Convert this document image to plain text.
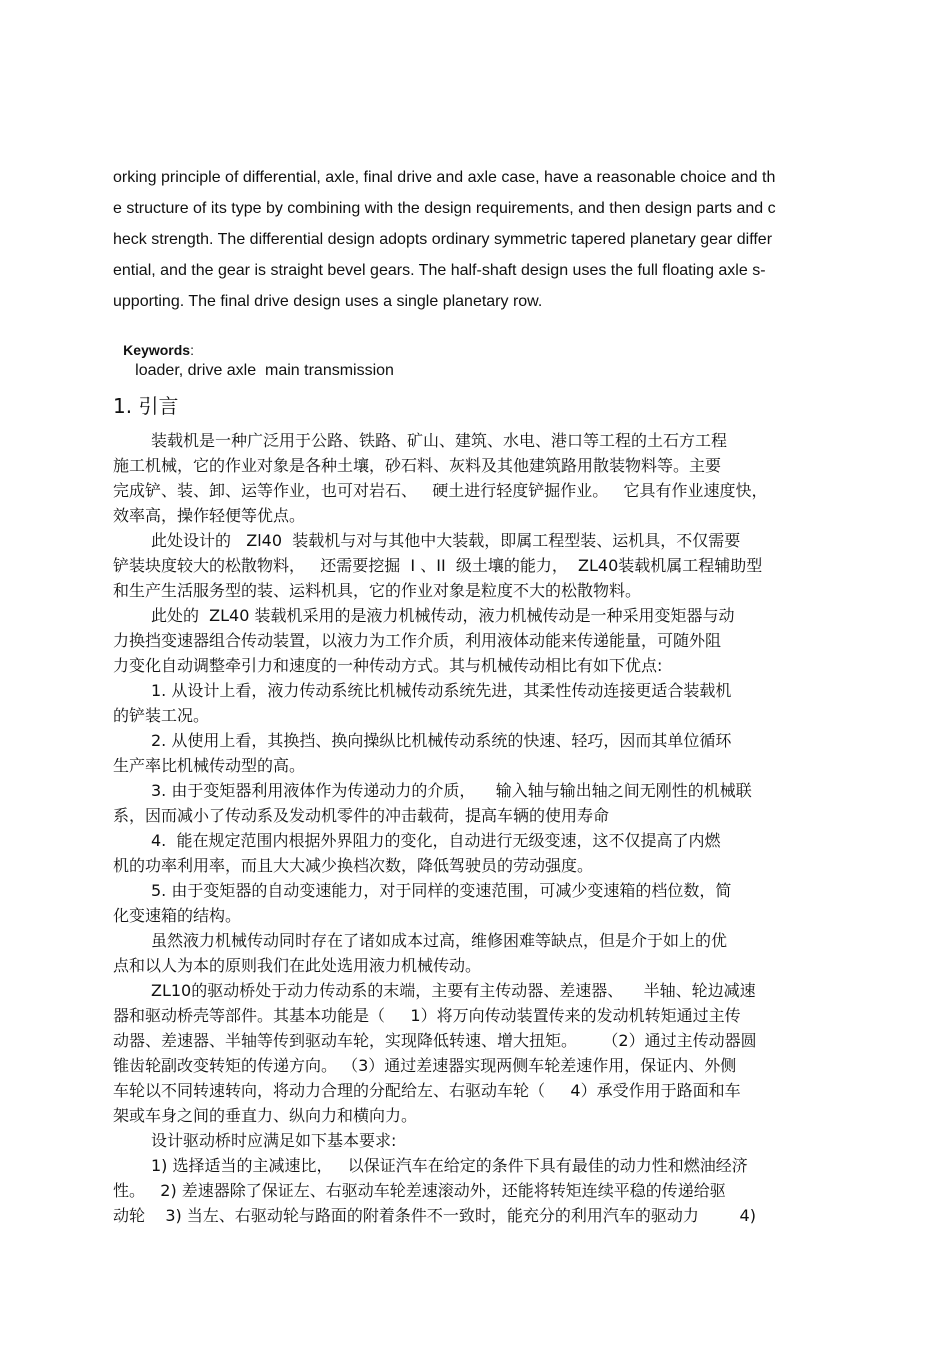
orking principle of differential, axle, final drive and axle case, have a reasonable choice and th
e structure of its type by combining with the design requirements, and then design parts and c
heck strength. The differential design adopts ordinary symmetric tapered planetary gear differ
ential, and the gear is straight bevel gears. The half-shaft design uses the full floating axle s-
upporting. The final drive design uses a single planetary row.

Keywords:
loader, drive axle  main transmission

1. 引言
装载机是一种广泛用于公路、铁路、矿山、建筑、水电、港口等工程的土石方工程
施工机械，它的作业对象是各种土壤，砂石料、灰料及其他建筑路用散装物料等。主要
完成铲、装、卸、运等作业，也可对岩石、   硬土进行轻度铲掘作业。   它具有作业速度快，
效率高，操作轻便等优点。
此处设计的   Zl40  装载机与对与其他中大装载，即属工程型装、运机具，不仅需要
铲装块度较大的松散物料，   还需要挖掘  I 、II  级土壤的能力，  ZL40装载机属工程辅助型
和生产生活服务型的装、运料机具，它的作业对象是粒度不大的松散物料。
此处的  ZL40 装载机采用的是液力机械传动，液力机械传动是一种采用变矩器与动
力换挡变速器组合传动装置，以液力为工作介质，利用液体动能来传递能量，可随外阻
力变化自动调整牵引力和速度的一种传动方式。其与机械传动相比有如下优点:
1. 从设计上看，液力传动系统比机械传动系统先进，其柔性传动连接更适合装载机
的铲装工况。
2. 从使用上看，其换挡、换向操纵比机械传动系统的快速、轻巧，因而其单位循环
生产率比机械传动型的高。
3. 由于变矩器利用液体作为传递动力的介质，    输入轴与输出轴之间无刚性的机械联
系，因而减小了传动系及发动机零件的冲击载荷，提高车辆的使用寿命
4.  能在规定范围内根据外界阻力的变化，自动进行无级变速，这不仅提高了内燃
机的功率利用率，而且大大减少换档次数，降低驾驶员的劳动强度。
5. 由于变矩器的自动变速能力，对于同样的变速范围，可减少变速箱的档位数，简
化变速箱的结构。
虽然液力机械传动同时存在了诸如成本过高，维修困难等缺点，但是介于如上的优
点和以人为本的原则我们在此处选用液力机械传动。
ZL10的驱动桥处于动力传动系的末端，主要有主传动器、差速器、    半轴、轮边减速
器和驱动桥壳等部件。其基本功能是（     1）将万向传动装置传来的发动机转矩通过主传
动器、差速器、半轴等传到驱动车轮，实现降低转速、增大扭矩。     （2）通过主传动器圆
锥齿轮副改变转矩的传递方向。 （3）通过差速器实现两侧车轮差速作用，保证内、外侧
车轮以不同转速转向，将动力合理的分配给左、右驱动车轮（     4）承受作用于路面和车
架或车身之间的垂直力、纵向力和横向力。
设计驱动桥时应满足如下基本要求:
1) 选择适当的主减速比，   以保证汽车在给定的条件下具有最佳的动力性和燃油经济
性。   2) 差速器除了保证左、右驱动车轮差速滚动外，还能将转矩连续平稳的传递给驱
动轮    3) 当左、右驱动轮与路面的附着条件不一致时，能充分的利用汽车的驱动力        4)
